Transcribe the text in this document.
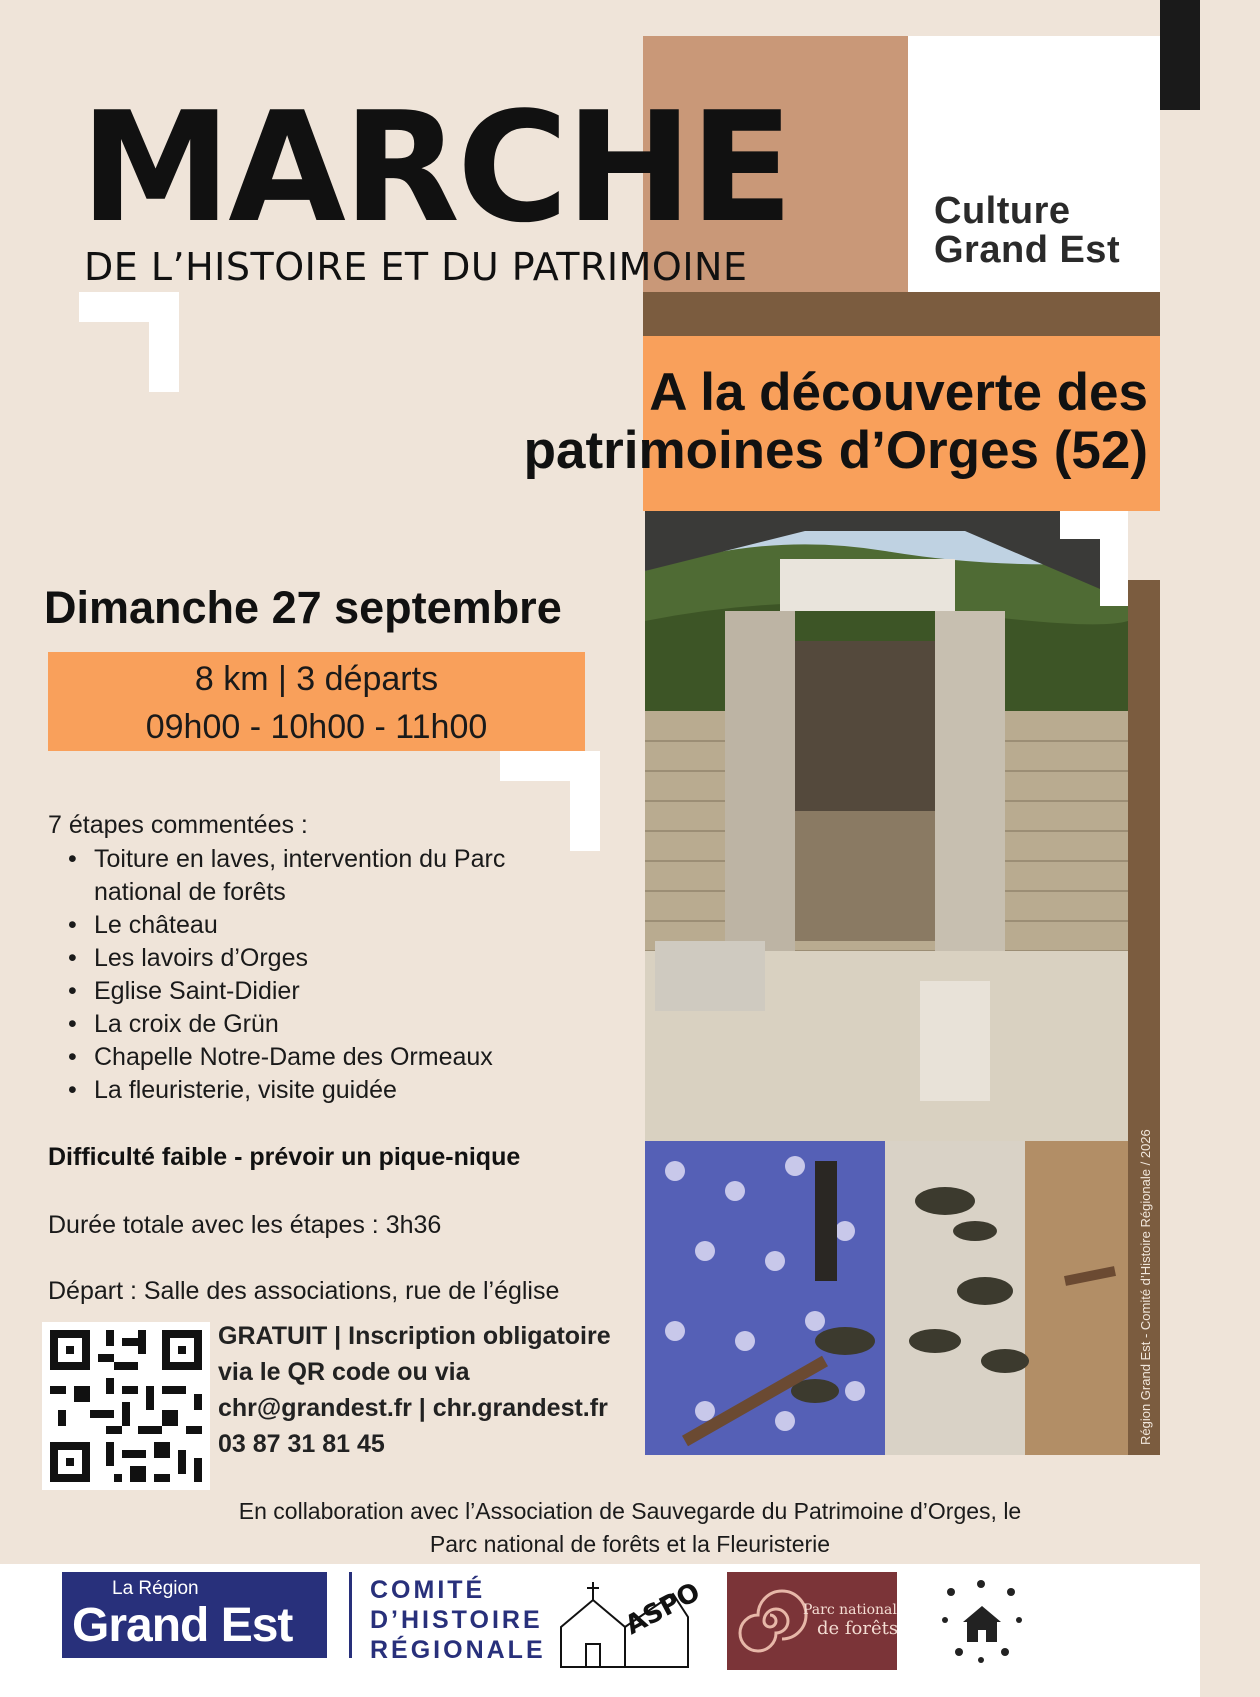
Culture
Grand Est
MARCHE
DE L’HISTOIRE ET DU PATRIMOINE
A la découverte des
patrimoines d’Orges (52)
Région Grand Est - Comité d’Histoire Régionale / 2026
Dimanche 27 septembre
8 km | 3 départs
09h00 - 10h00 - 11h00
7 étapes commentées :
• Toiture en laves, intervention du Parc national de forêts
• Le château
• Les lavoirs d’Orges
• Eglise Saint-Didier
• La croix de Grün
• Chapelle Notre-Dame des Ormeaux
• La fleuristerie, visite guidée
Difficulté faible - prévoir un pique-nique
Durée totale avec les étapes : 3h36
Départ : Salle des associations, rue de l’église
GRATUIT | Inscription obligatoire
via le QR code ou via
chr@grandest.fr | chr.grandest.fr
03 87 31 81 45
En collaboration avec l’Association de Sauvegarde du Patrimoine d’Orges, le
Parc national de forêts et la Fleuristerie
La Région
Grand Est
COMITÉ
D’HISTOIRE
RÉGIONALE
ASPO	Parc national
de forêts
